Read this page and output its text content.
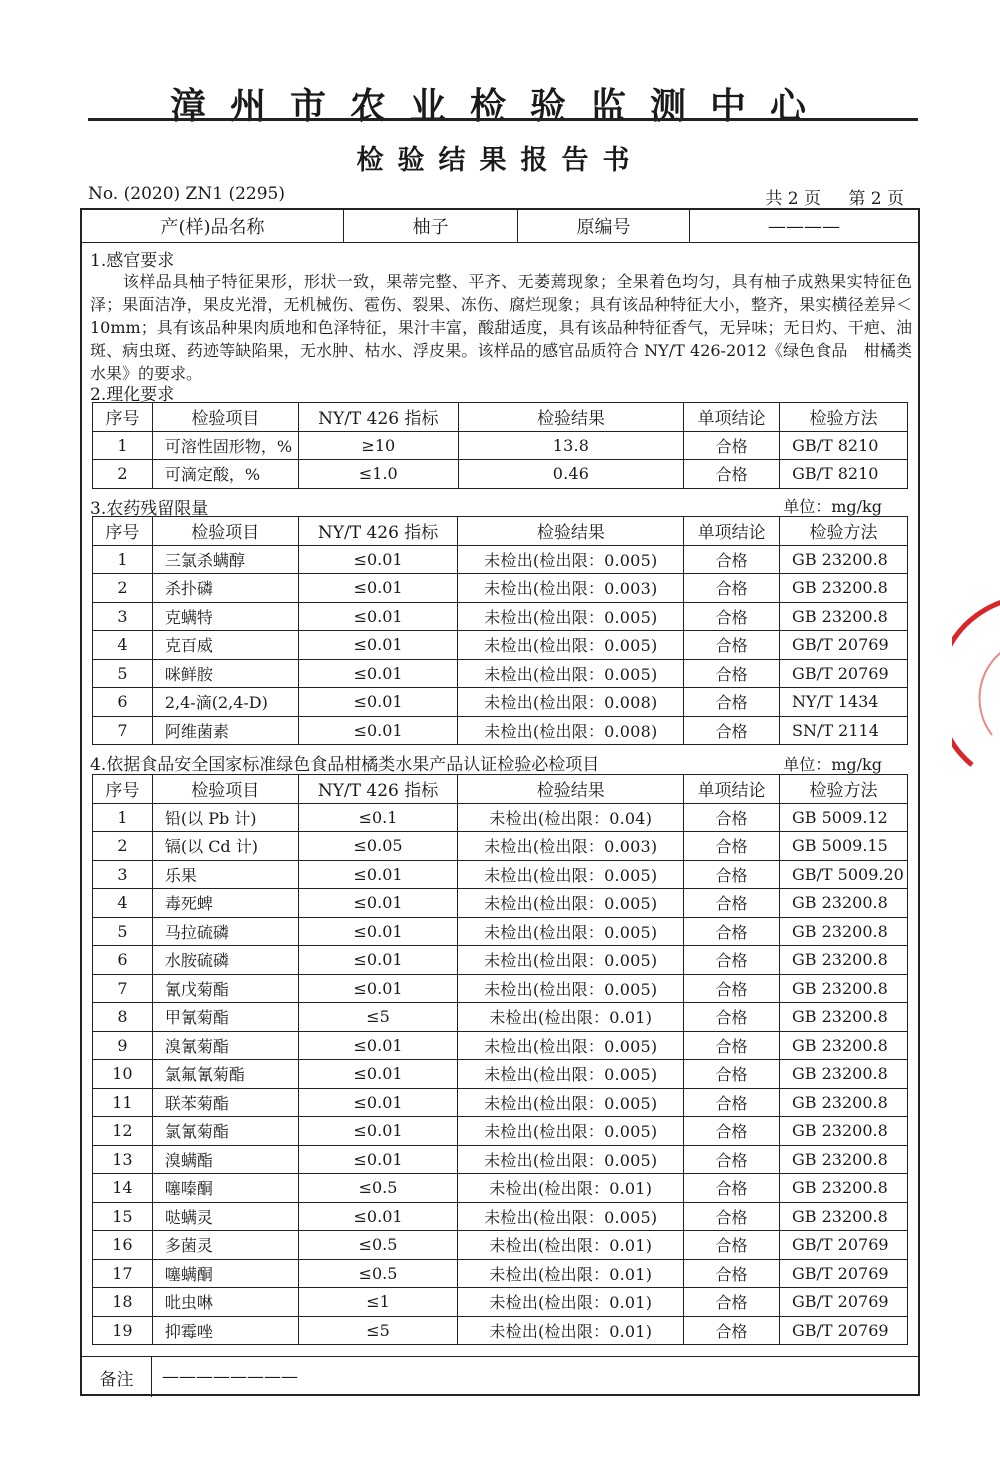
漳州市农业检验监测中心
检验结果报告书
No. (2020) ZN1 (2295)	共 2 页 第 2 页
产(样)品名称	柚子	原编号	————
1.感官要求
　　该样品具柚子特征果形，形状一致，果蒂完整、平齐、无萎蔫现象；全果着色均匀，具有柚子成熟果实特征色泽；果面洁净，果皮光滑，无机械伤、雹伤、裂果、冻伤、腐烂现象；具有该品种特征大小，整齐，果实横径差异＜10mm；具有该品种果肉质地和色泽特征，果汁丰富，酸甜适度，具有该品种特征香气，无异味；无日灼、干疤、油斑、病虫斑、药迹等缺陷果，无水肿、枯水、浮皮果。该样品的感官品质符合 NY/T 426-2012《绿色食品　柑橘类水果》的要求。
2.理化要求
序号	检验项目	NY/T 426 指标	检验结果	单项结论	检验方法
1	可溶性固形物，%	≥10	13.8	合格	GB/T 8210
2	可滴定酸，%	≤1.0	0.46	合格	GB/T 8210
3.农药残留限量	单位：mg/kg
序号	检验项目	NY/T 426 指标	检验结果	单项结论	检验方法
1	三氯杀螨醇	≤0.01	未检出(检出限：0.005)	合格	GB 23200.8
2	杀扑磷	≤0.01	未检出(检出限：0.003)	合格	GB 23200.8
3	克螨特	≤0.01	未检出(检出限：0.005)	合格	GB 23200.8
4	克百威	≤0.01	未检出(检出限：0.005)	合格	GB/T 20769
5	咪鲜胺	≤0.01	未检出(检出限：0.005)	合格	GB/T 20769
6	2,4-滴(2,4-D)	≤0.01	未检出(检出限：0.008)	合格	NY/T 1434
7	阿维菌素	≤0.01	未检出(检出限：0.008)	合格	SN/T 2114
4.依据食品安全国家标准绿色食品柑橘类水果产品认证检验必检项目	单位：mg/kg
序号	检验项目	NY/T 426 指标	检验结果	单项结论	检验方法
1	铅(以 Pb 计)	≤0.1	未检出(检出限：0.04)	合格	GB 5009.12
2	镉(以 Cd 计)	≤0.05	未检出(检出限：0.003)	合格	GB 5009.15
3	乐果	≤0.01	未检出(检出限：0.005)	合格	GB/T 5009.20
4	毒死蜱	≤0.01	未检出(检出限：0.005)	合格	GB 23200.8
5	马拉硫磷	≤0.01	未检出(检出限：0.005)	合格	GB 23200.8
6	水胺硫磷	≤0.01	未检出(检出限：0.005)	合格	GB 23200.8
7	氰戊菊酯	≤0.01	未检出(检出限：0.005)	合格	GB 23200.8
8	甲氰菊酯	≤5	未检出(检出限：0.01)	合格	GB 23200.8
9	溴氰菊酯	≤0.01	未检出(检出限：0.005)	合格	GB 23200.8
10	氯氟氰菊酯	≤0.01	未检出(检出限：0.005)	合格	GB 23200.8
11	联苯菊酯	≤0.01	未检出(检出限：0.005)	合格	GB 23200.8
12	氯氰菊酯	≤0.01	未检出(检出限：0.005)	合格	GB 23200.8
13	溴螨酯	≤0.01	未检出(检出限：0.005)	合格	GB 23200.8
14	噻嗪酮	≤0.5	未检出(检出限：0.01)	合格	GB 23200.8
15	哒螨灵	≤0.01	未检出(检出限：0.005)	合格	GB 23200.8
16	多菌灵	≤0.5	未检出(检出限：0.01)	合格	GB/T 20769
17	噻螨酮	≤0.5	未检出(检出限：0.01)	合格	GB/T 20769
18	吡虫啉	≤1	未检出(检出限：0.01)	合格	GB/T 20769
19	抑霉唑	≤5	未检出(检出限：0.01)	合格	GB/T 20769
备注	————————
